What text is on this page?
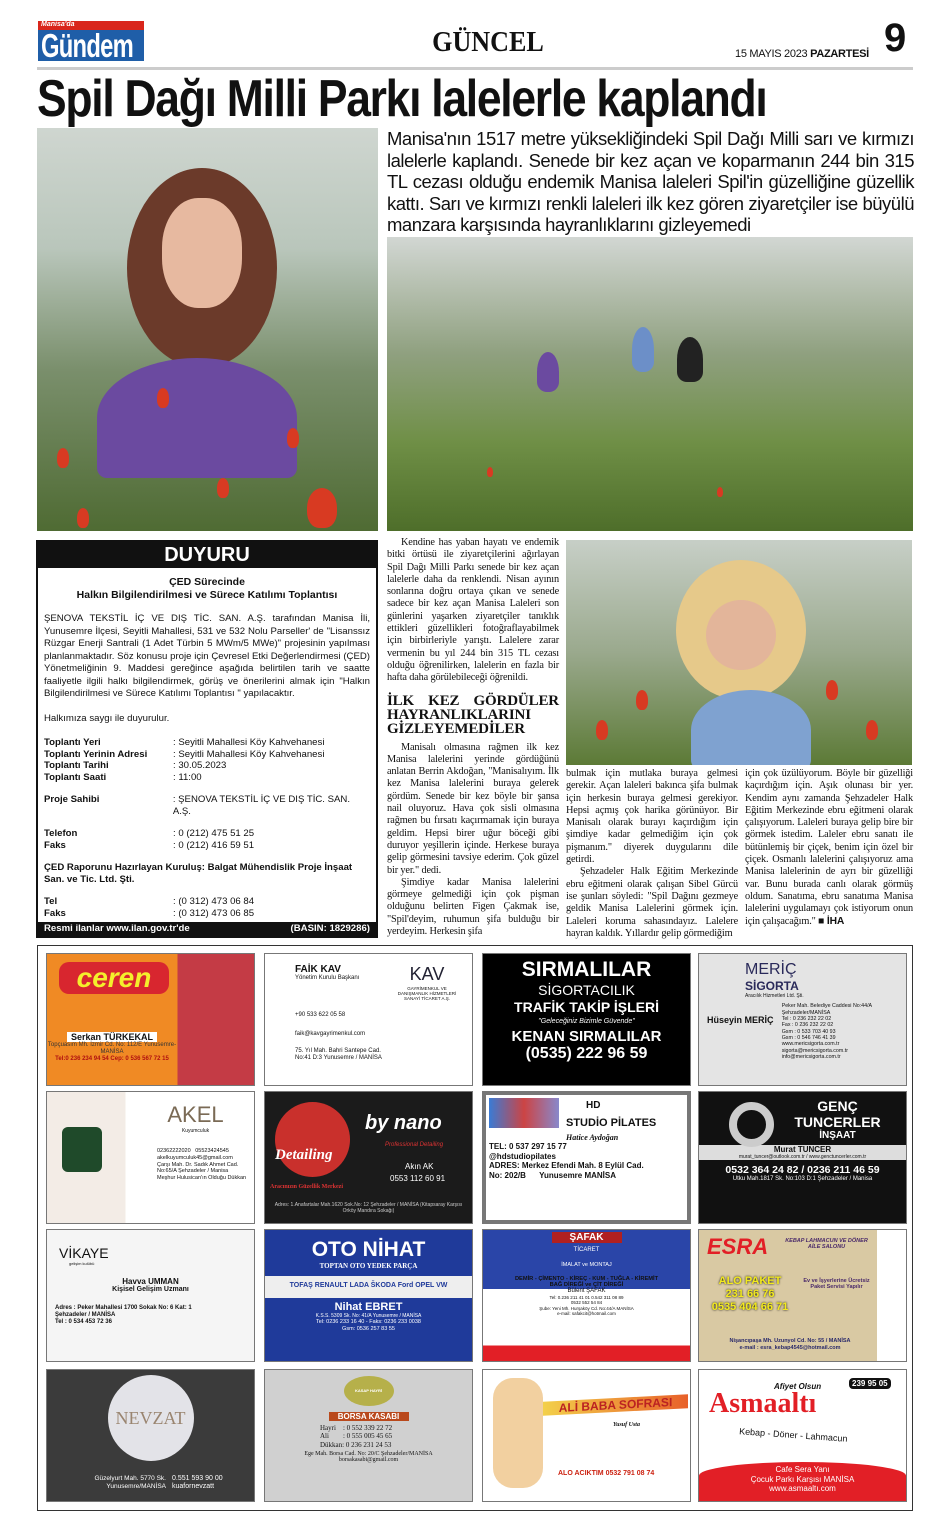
Manisa'da
Gündem	GÜNCEL	15 MAYIS 2023 PAZARTESİ 9
Spil Dağı Milli Parkı lalelerle kaplandı
Manisa'nın 1517 metre yüksekliğindeki Spil Dağı Milli sarı ve kırmızı lalelerle kaplandı. Senede bir kez açan ve koparmanın 244 bin 315 TL cezası olduğu endemik Manisa laleleri Spil'in güzelliğine güzellik kattı. Sarı ve kırmızı renkli laleleri ilk kez gören ziyaretçiler ise büyülü manzara karşısında hayranlıklarını gizleyemedi
DUYURU
ÇED Sürecinde
Halkın Bilgilendirilmesi ve Sürece Katılımı Toplantısı
ŞENOVA TEKSTİL İÇ VE DIŞ TİC. SAN. A.Ş. tarafından Manisa İli, Yunusemre İlçesi, Seyitli Mahallesi, 531 ve 532 Nolu Parseller' de "Lisanssız Rüzgar Enerji Santrali (1 Adet Türbin 5 MWm/5 MWe)" projesinin yapılması planlanmaktadır. Söz konusu proje için Çevresel Etki Değerlendirmesi (ÇED) Yönetmeliğinin 9. Maddesi gereğince aşağıda belirtilen tarih ve saatte faaliyetle ilgili halkı bilgilendirmek, görüş ve önerilerini almak için "Halkın Bilgilendirilmesi ve Sürece Katılımı Toplantısı " yapılacaktır.
Halkımıza saygı ile duyurulur.
Toplantı Yeri	: Seyitli Mahallesi Köy Kahvehanesi
Toplantı Yerinin Adresi	: Seyitli Mahallesi Köy Kahvehanesi
Toplantı Tarihi	: 30.05.2023
Toplantı Saati	: 11:00
Proje Sahibi	: ŞENOVA TEKSTİL İÇ VE DIŞ TİC. SAN. A.Ş.
Telefon	: 0 (212) 475 51 25
Faks	: 0 (212) 416 59 51
ÇED Raporunu Hazırlayan Kuruluş: Balgat Mühendislik Proje İnşaat San. ve Tic. Ltd. Şti.
Tel	: (0 312) 473 06 84
Faks	: (0 312) 473 06 85
Resmi ilanlar www.ilan.gov.tr'de	(BASIN: 1829286)

Kendine has yaban hayatı ve endemik bitki örtüsü ile ziyaretçilerini ağırlayan Spil Dağı Milli Parkı senede bir kez açan lalelerle daha da renklendi. Nisan ayının sonlarına doğru ortaya çıkan ve senede sadece bir kez açan Manisa Laleleri son günlerini yaşarken ziyaretçiler tanıklık ettikleri güzellikleri fotoğraflayabilmek için birbirleriyle yarıştı. Lalelere zarar vermenin bu yıl 244 bin 315 TL cezası olduğu öğrenilirken, lalelerin en fazla bir hafta daha görülebileceği öğrenildi.

İLK KEZ GÖRDÜLER HAYRANLIKLARINI GİZLEYEMEDİLER

Manisalı olmasına rağmen ilk kez Manisa lalelerini yerinde gördüğünü anlatan Berrin Akdoğan, "Manisalıyım. İlk kez Manisa lalelerini buraya gelerek gördüm. Senede bir kez böyle bir şansa nail oluyoruz. Hava çok sisli olmasına rağmen bu fırsatı kaçırmamak için buraya geldim. Hepsi birer uğur böceği gibi duruyor yeşillerin içinde. Herkese buraya gelip görmesini tavsiye ederim. Çok güzel bir yer." dedi.

Şimdiye kadar Manisa lalelerini görmeye gelmediği için çok pişman olduğunu belirten Figen Çakmak ise, "Spil'deyim, ruhumun şifa bulduğu bir yerdeyim. Herkesin şifa

bulmak için mutlaka buraya gelmesi gerekir. Açan laleleri bakınca şifa bulmak için herkesin buraya gelmesi gerekiyor. Hepsi açmış çok harika görünüyor. Bir Manisalı olarak burayı kaçırdığım için şimdiye kadar gelmediğim için çok pişmanım." diyerek duygularını dile getirdi.

Şehzadeler Halk Eğitim Merkezinde ebru eğitmeni olarak çalışan Sibel Gürcü ise şunları söyledi: "Spil Dağını gezmeye geldik Manisa Lalelerini görmek için. Laleleri koruma sahasındayız. Lalelere hayran kaldık. Yıllardır gelip görmediğim

için çok üzülüyorum. Böyle bir güzelliği kaçırdığım için. Aşık olunası bir yer. Kendim aynı zamanda Şehzadeler Halk Eğitim Merkezinde ebru eğitmeni olarak çalışıyorum. Laleleri buraya gelip bire bir görmek istedim. Laleler ebru sanatı ile bütünlemiş bir çiçek, benim için özel bir çiçek. Osmanlı lalelerini çalışıyoruz ama Manisa lalelerinin de ayrı bir güzelliği var. Bunu burada canlı olarak görmüş oldum. Sanatıma, ebru sanatıma Manisa lalelerini uygulamayı çok istiyorum onun için çalışacağım." ■ İHA

ceren
Serkan TÜRKEKAL
Topçuasım Mh. İzmir Cd. No: 112/E Yunusemre-MANİSA
Tel:0 236 234 94 54 Cep: 0 536 567 72 15
FAİK KAV
Yönetim Kurulu Başkanı	KAV
GAYRİMENKUL VE DANIŞMANLIK HİZMETLERİ SANAYİ TİCARET A.Ş.
+90 533 622 05 58
faik@kavgayrimenkul.com
75. Yıl Mah. Bahri Santepe Cad. No:41 D:3 Yunusemre / MANİSA
SIRMALILAR
SİGORTACILIK
TRAFİK TAKİP İŞLERİ
"Geleceğiniz Bizimle Güvende"
KENAN SIRMALILAR
(0535) 222 96 59
MERİÇ
SİGORTA
Aracılık Hizmetleri Ltd. Şti.
Hüseyin MERİÇ
Peker Mah. Belediye Caddesi No:44/A Şehzadeler/MANİSA
Tel : 0 236 232 22 02
Fax : 0 236 232 22 02
Gsm : 0 533 703 40 93
Gsm : 0 546 746 41 39
www.mericsigorta.com.tr
sigorta@mericsigorta.com.tr
info@mericsigorta.com.tr
AKEL
Kuyumculuk
02362222020 05523424545
akelkuyumculuk45@gmail.com
Çarşı Mah. Dr. Sadık Ahmet Cad. No:65/A Şehzadeler / Manisa
Meşhur Hulusican'ın Olduğu Dükkan
Detailing
by nano
Professional Detailing
Aracınızın Güzellik Merkezi
Akın AK
0553 112 60 91
Adres: 1.Anafartalar Mah.1620 Sok.No: 12 Şehzadeler / MANİSA (Kitapsaray Karşısı Orköy Mandıra Sokağı)
HD
STUDİO PİLATES
Hatice Aydoğan
TEL: 0 537 297 15 77
@hdstudiopilates
ADRES: Merkez Efendi Mah. 8 Eylül Cad.
No: 202/B Yunusemre MANİSA
GENÇ
TUNCERLER
İNŞAAT
Murat TUNCER
murat_tuncer@outlook.com.tr / www.genctuncerler.com.tr
0532 364 24 82 / 0236 211 46 59
Utku Mah.1817 Sk. No:103 D:1 Şehzadeler / Manisa
VİKAYE
gelişim kulübü
Havva UMMAN
Kişisel Gelişim Uzmanı
Adres : Peker Mahallesi 1700 Sokak No: 6 Kat: 1
Şehzadeler / MANİSA
Tel : 0 534 453 72 36
OTO NİHAT
TOPTAN OTO YEDEK PARÇA
TOFAŞ RENAULT LADA ŠKODA Ford OPEL VW
Nihat EBRET
K.S.S. 5309 Sk. No: 41/A Yunusemre / MANİSA
Tel: 0236 233 16 40 - Faks: 0236 233 0038
Gsm: 0536 257 83 55
ŞAFAK
TİCARET
İMALAT ve MONTAJ
DEMİR - ÇİMENTO - KİREÇ - KUM - TUĞLA - KİREMİT
BAĞ DİREĞİ ve ÇİT DİREĞİ
Bülent ŞAFAK
Tel: 0.236 211 41 01 0.542 311 08 89
0532 552 54 84
Şube: Yeni Mh. Hurşaköy Cd. No:44/A MANİSA
e-mail: safakcit@hotmail.com
ESRA	KEBAP LAHMACUN VE DÖNER AİLE SALONU
ALO PAKET
231 66 76
0535 404 66 71
Ev ve İşyerlerine Ücretsiz Paket Servisi Yapılır
Nişancıpaşa Mh. Uzunyol Cd. No: 55 / MANİSA
e-mail : esra_kebap4545@hotmail.com
NEVZAT
Güzelyurt Mah. 5770 Sk. Yunusemre/MANİSA
0.551 593 90 00
kuafornevzatt
KASAP HAYRİ
BORSA KASABI
Hayri    : 0 552 339 22 72
Ali        : 0 555 005 45 65
Dükkan: 0 236 231 24 53
Ege Mah. Borsa Cad. No: 20/C Şehzadeler/MANİSA
borsakasabi@gmail.com
ALİ BABA SOFRASI
Yusuf Usta
ALO ACIKTIM 0532 791 08 74
Afiyet Olsun	239 95 05
Asmaaltı
Kebap - Döner - Lahmacun
Cafe Sera Yanı
Çocuk Parkı Karşısı MANİSA
www.asmaaltı.com
